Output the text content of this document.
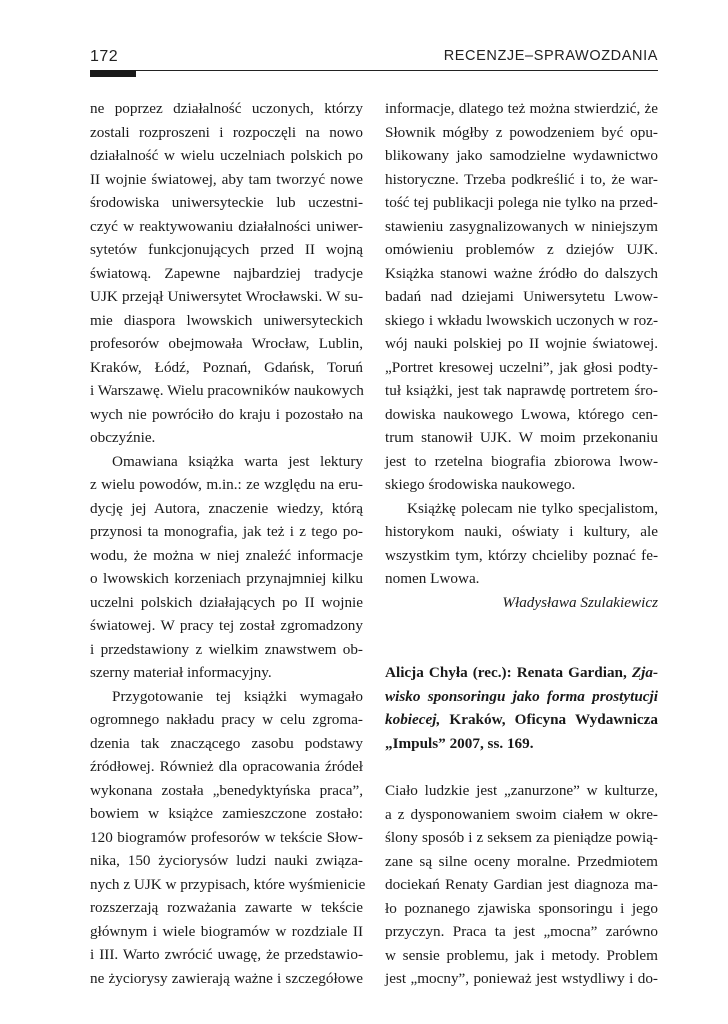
172	RECENZJE–SPRAWOZDANIA
ne poprzez działalność uczonych, którzy
zostali rozproszeni i rozpoczęli na nowo
działalność w wielu uczelniach polskich po
II wojnie światowej, aby tam tworzyć nowe
środowiska uniwersyteckie lub uczestni-
czyć w reaktywowaniu działalności uniwer-
sytetów funkcjonujących przed II wojną
światową. Zapewne najbardziej tradycje
UJK przejął Uniwersytet Wrocławski. W su-
mie diaspora lwowskich uniwersyteckich
profesorów obejmowała Wrocław, Lublin,
Kraków, Łódź, Poznań, Gdańsk, Toruń
i Warszawę. Wielu pracowników naukowych
wych nie powróciło do kraju i pozostało na
obczyźnie.
Omawiana książka warta jest lektury
z wielu powodów, m.in.: ze względu na eru-
dycję jej Autora, znaczenie wiedzy, którą
przynosi ta monografia, jak też i z tego po-
wodu, że można w niej znaleźć informacje
o lwowskich korzeniach przynajmniej kilku
uczelni polskich działających po II wojnie
światowej. W pracy tej został zgromadzony
i przedstawiony z wielkim znawstwem ob-
szerny materiał informacyjny.
Przygotowanie tej książki wymagało
ogromnego nakładu pracy w celu zgroma-
dzenia tak znaczącego zasobu podstawy
źródłowej. Również dla opracowania źródeł
wykonana została „benedyktyńska praca”,
bowiem w książce zamieszczone zostało:
120 biogramów profesorów w tekście Słow-
nika, 150 życiorysów ludzi nauki związa-
nych z UJK w przypisach, które wyśmienicie
rozszerzają rozważania zawarte w tekście
głównym i wiele biogramów w rozdziale II
i III. Warto zwrócić uwagę, że przedstawio-
ne życiorysy zawierają ważne i szczegółowe
informacje, dlatego też można stwierdzić, że
Słownik mógłby z powodzeniem być opu-
blikowany jako samodzielne wydawnictwo
historyczne. Trzeba podkreślić i to, że war-
tość tej publikacji polega nie tylko na przed-
stawieniu zasygnalizowanych w niniejszym
omówieniu problemów z dziejów UJK.
Książka stanowi ważne źródło do dalszych
badań nad dziejami Uniwersytetu Lwow-
skiego i wkładu lwowskich uczonych w roz-
wój nauki polskiej po II wojnie światowej.
„Portret kresowej uczelni”, jak głosi podty-
tuł książki, jest tak naprawdę portretem śro-
dowiska naukowego Lwowa, którego cen-
trum stanowił UJK. W moim przekonaniu
jest to rzetelna biografia zbiorowa lwow-
skiego środowiska naukowego.
Książkę polecam nie tylko specjalistom,
historykom nauki, oświaty i kultury, ale
wszystkim tym, którzy chcieliby poznać fe-
nomen Lwowa.
Władysława Szulakiewicz
Alicja Chyła (rec.): Renata Gardian, Zja-
wisko sponsoringu jako forma prostytucji
kobiecej, Kraków, Oficyna Wydawnicza
„Impuls” 2007, ss. 169.
Ciało ludzkie jest „zanurzone” w kulturze,
a z dysponowaniem swoim ciałem w okre-
ślony sposób i z seksem za pieniądze powią-
zane są silne oceny moralne. Przedmiotem
dociekań Renaty Gardian jest diagnoza ma-
ło poznanego zjawiska sponsoringu i jego
przyczyn. Praca ta jest „mocna” zarówno
w sensie problemu, jak i metody. Problem
jest „mocny”, ponieważ jest wstydliwy i do-
